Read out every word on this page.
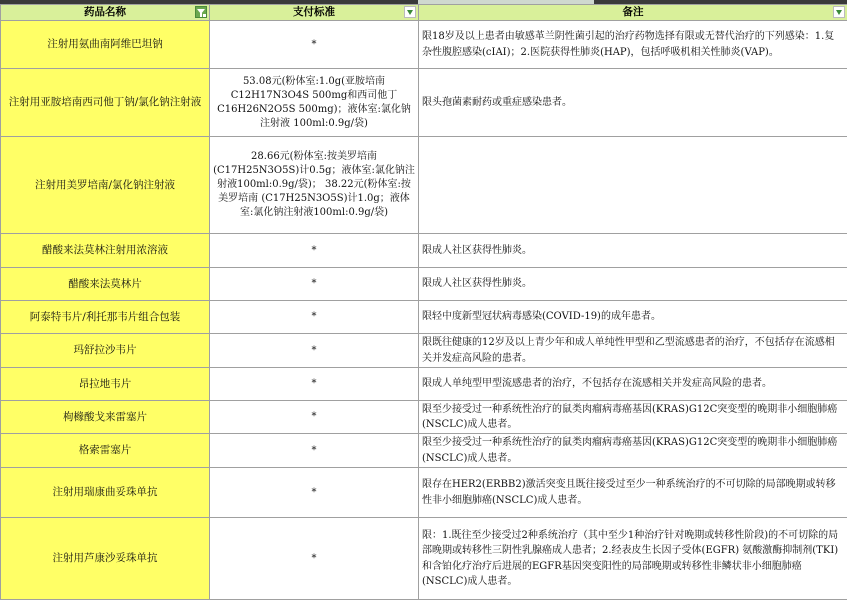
药品名称	支付标准	备注

注射用氨曲南阿维巴坦钠	*	限18岁及以上患者由敏感革兰阴性菌引起的治疗药物选择有限或无替代治疗的下列感染：1.复杂性腹腔感染(cIAI)；2.医院获得性肺炎(HAP)，包括呼吸机相关性肺炎(VAP)。
注射用亚胺培南西司他丁钠/氯化钠注射液	53.08元(粉体室:1.0g(亚胺培南C12H17N3O4S 500mg和西司他丁C16H26N2O5S 500mg)；液体室:氯化钠注射液 100ml:0.9g/袋)	限头孢菌素耐药或重症感染患者。
注射用美罗培南/氯化钠注射液	28.66元(粉体室:按美罗培南(C17H25N3O5S)计0.5g；液体室:氯化钠注射液100ml:0.9g/袋)； 38.22元(粉体室:按美罗培南 (C17H25N3O5S)计1.0g；液体室:氯化钠注射液100ml:0.9g/袋)	
醋酸来法莫林注射用浓溶液	*	限成人社区获得性肺炎。
醋酸来法莫林片	*	限成人社区获得性肺炎。
阿泰特韦片/利托那韦片组合包装	*	限轻中度新型冠状病毒感染(COVID-19)的成年患者。
玛舒拉沙韦片	*	限既往健康的12岁及以上青少年和成人单纯性甲型和乙型流感患者的治疗，不包括存在流感相关并发症高风险的患者。
昂拉地韦片	*	限成人单纯型甲型流感患者的治疗，不包括存在流感相关并发症高风险的患者。
枸橼酸戈来雷塞片	*	限至少接受过一种系统性治疗的鼠类肉瘤病毒癌基因(KRAS)G12C突变型的晚期非小细胞肺癌(NSCLC)成人患者。
格索雷塞片	*	限至少接受过一种系统性治疗的鼠类肉瘤病毒癌基因(KRAS)G12C突变型的晚期非小细胞肺癌(NSCLC)成人患者。
注射用瑞康曲妥珠单抗	*	限存在HER2(ERBB2)激活突变且既往接受过至少一种系统治疗的不可切除的局部晚期或转移性非小细胞肺癌(NSCLC)成人患者。
注射用芦康沙妥珠单抗	*	限：1.既往至少接受过2种系统治疗（其中至少1种治疗针对晚期或转移性阶段)的不可切除的局部晚期或转移性三阴性乳腺癌成人患者；2.经表皮生长因子受体(EGFR) 氨酸激酶抑制剂(TKI)和含铂化疗治疗后进展的EGFR基因突变阳性的局部晚期或转移性非鳞状非小细胞肺癌(NSCLC)成人患者。
